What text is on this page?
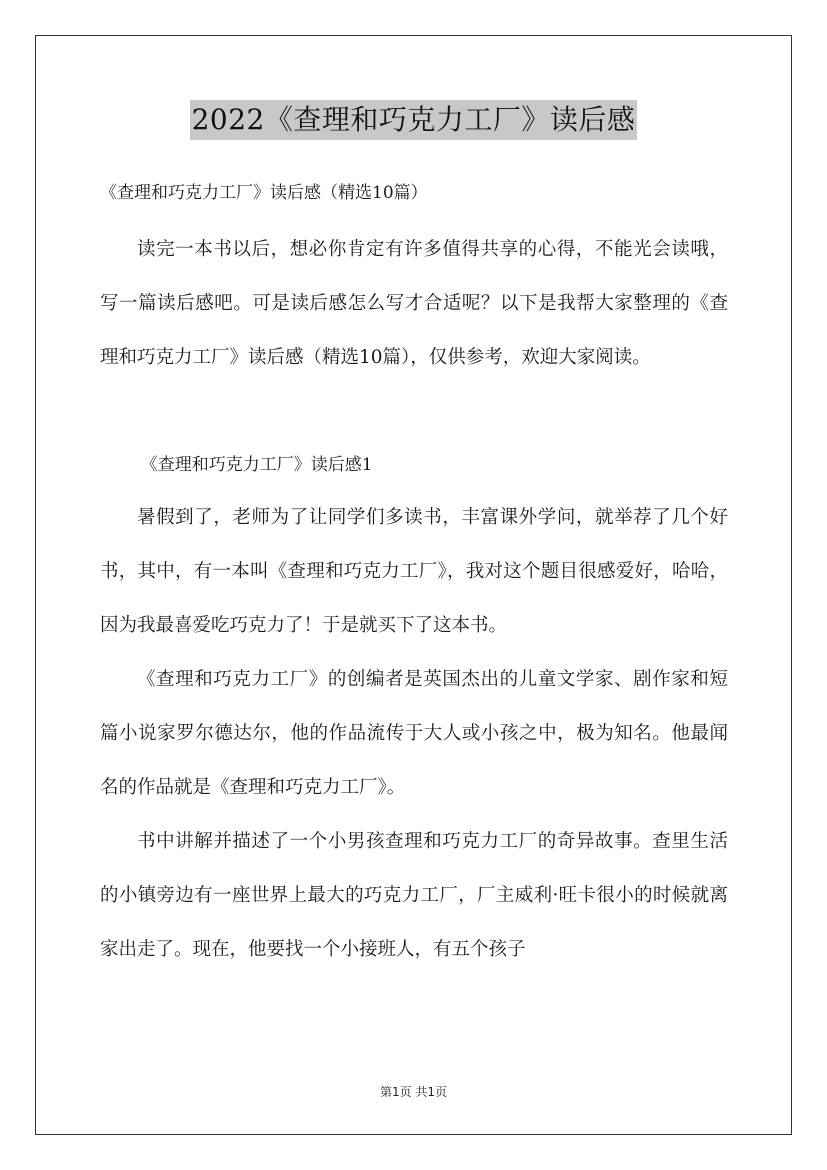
2022《查理和巧克力工厂》读后感

《查理和巧克力工厂》读后感（精选10篇）

读完一本书以后，想必你肯定有许多值得共享的心得，不能光会读哦，写一篇读后感吧。可是读后感怎么写才合适呢？以下是我帮大家整理的《查理和巧克力工厂》读后感（精选10篇），仅供参考，欢迎大家阅读。

《查理和巧克力工厂》读后感1

暑假到了，老师为了让同学们多读书，丰富课外学问，就举荐了几个好书，其中，有一本叫《查理和巧克力工厂》，我对这个题目很感爱好，哈哈，因为我最喜爱吃巧克力了！于是就买下了这本书。

《查理和巧克力工厂》的创编者是英国杰出的儿童文学家、剧作家和短篇小说家罗尔德达尔，他的作品流传于大人或小孩之中，极为知名。他最闻名的作品就是《查理和巧克力工厂》。

书中讲解并描述了一个小男孩查理和巧克力工厂的奇异故事。查里生活的小镇旁边有一座世界上最大的巧克力工厂，厂主威利·旺卡很小的时候就离家出走了。现在，他要找一个小接班人，有五个孩子

第1页 共1页
